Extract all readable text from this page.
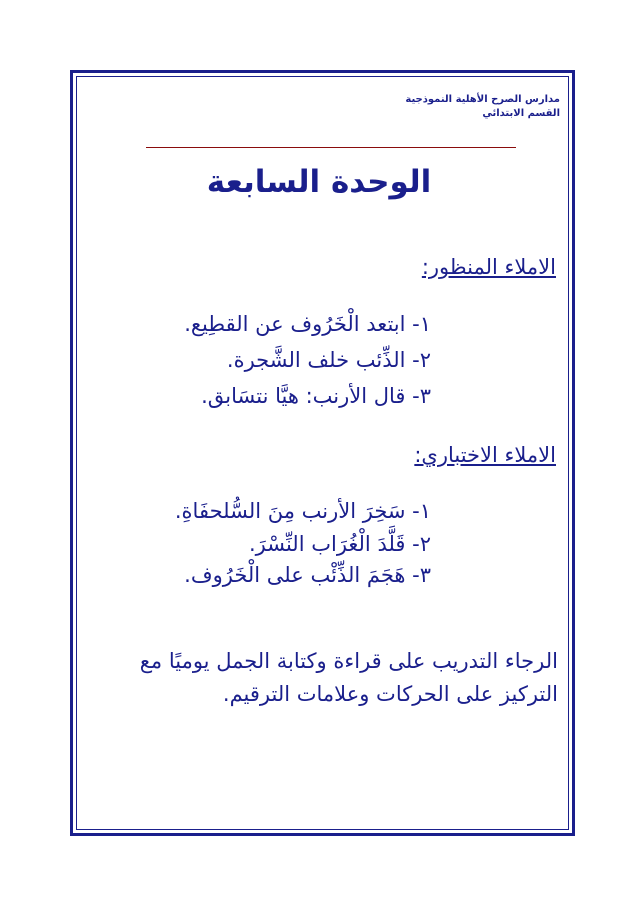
مدارس الصرح الأهلية النموذجية
القسم الابتدائي
الوحدة السابعة
الاملاء المنظور:
١- ابتعد الْخَرُوف عن القطِيع.
٢- الذِّئب خلف الشَّجرة.
٣- قال الأرنب: هيَّا نتسَابق.
الاملاء الاختباري:
١- سَخِرَ الأرنب مِنَ السُّلحفَاةِ.
٢- قَلَّدَ الْغُرَاب النِّسْرَ.
٣- هَجَمَ الذِّئْب على الْخَرُوف.
الرجاء التدريب على قراءة وكتابة الجمل يوميًا مع التركيز على الحركات وعلامات الترقيم.
